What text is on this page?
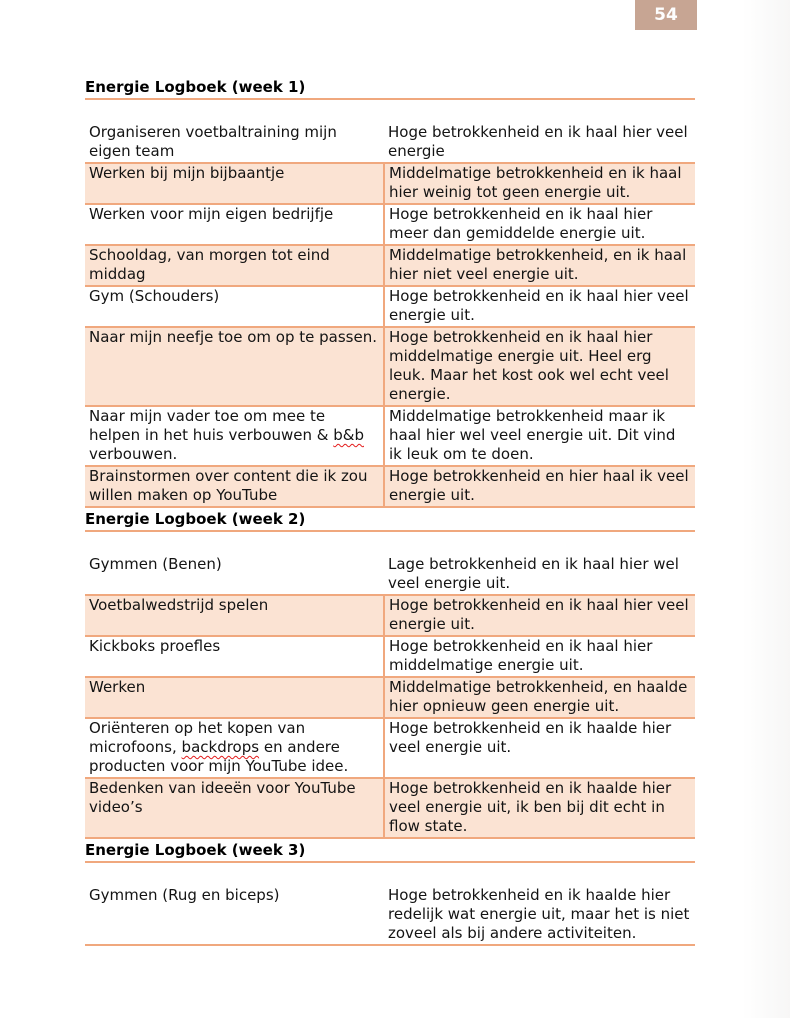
54
Energie Logboek (week 1)
Organiseren voetbaltraining mijn eigen team	Hoge betrokkenheid en ik haal hier veel energie
Werken bij mijn bijbaantje	Middelmatige betrokkenheid en ik haal hier weinig tot geen energie uit.
Werken voor mijn eigen bedrijfje	Hoge betrokkenheid en ik haal hier meer dan gemiddelde energie uit.
Schooldag, van morgen tot eind middag	Middelmatige betrokkenheid, en ik haal hier niet veel energie uit.
Gym (Schouders)	Hoge betrokkenheid en ik haal hier veel energie uit.
Naar mijn neefje toe om op te passen.	Hoge betrokkenheid en ik haal hier middelmatige energie uit. Heel erg leuk. Maar het kost ook wel echt veel energie.
Naar mijn vader toe om mee te helpen in het huis verbouwen & b&b verbouwen.	Middelmatige betrokkenheid maar ik haal hier wel veel energie uit. Dit vind ik leuk om te doen.
Brainstormen over content die ik zou willen maken op YouTube	Hoge betrokkenheid en hier haal ik veel energie uit.
Energie Logboek (week 2)
Gymmen (Benen)	Lage betrokkenheid en ik haal hier wel veel energie uit.
Voetbalwedstrijd spelen	Hoge betrokkenheid en ik haal hier veel energie uit.
Kickboks proefles	Hoge betrokkenheid en ik haal hier middelmatige energie uit.
Werken	Middelmatige betrokkenheid, en haalde hier opnieuw geen energie uit.
Oriënteren op het kopen van microfoons, backdrops en andere producten voor mijn YouTube idee.	Hoge betrokkenheid en ik haalde hier veel energie uit.
Bedenken van ideeën voor YouTube video’s	Hoge betrokkenheid en ik haalde hier veel energie uit, ik ben bij dit echt in flow state.
Energie Logboek (week 3)
Gymmen (Rug en biceps)	Hoge betrokkenheid en ik haalde hier redelijk wat energie uit, maar het is niet zoveel als bij andere activiteiten.
